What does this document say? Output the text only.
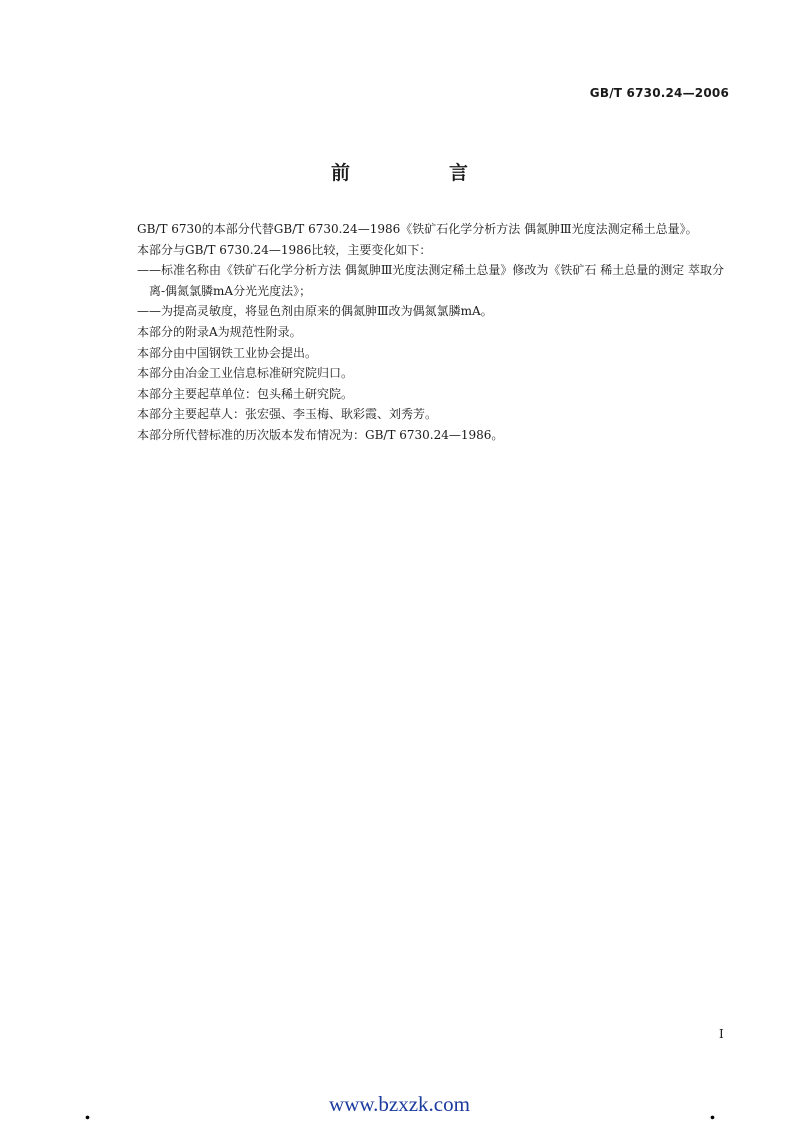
GB/T 6730.24—2006
前　言

GB/T 6730的本部分代替GB/T 6730.24—1986《铁矿石化学分析方法 偶氮胂Ⅲ光度法测定稀土总量》。

本部分与GB/T 6730.24—1986比较，主要变化如下：

——标准名称由《铁矿石化学分析方法 偶氮胂Ⅲ光度法测定稀土总量》修改为《铁矿石 稀土总量的测定 萃取分离-偶氮氯膦mA分光光度法》；

——为提高灵敏度，将显色剂由原来的偶氮胂Ⅲ改为偶氮氯膦mA。

本部分的附录A为规范性附录。

本部分由中国钢铁工业协会提出。

本部分由冶金工业信息标准研究院归口。

本部分主要起草单位：包头稀土研究院。

本部分主要起草人：张宏强、李玉梅、耿彩霞、刘秀芳。

本部分所代替标准的历次版本发布情况为：GB/T 6730.24—1986。

I
.	www.bzxzk.com	.
